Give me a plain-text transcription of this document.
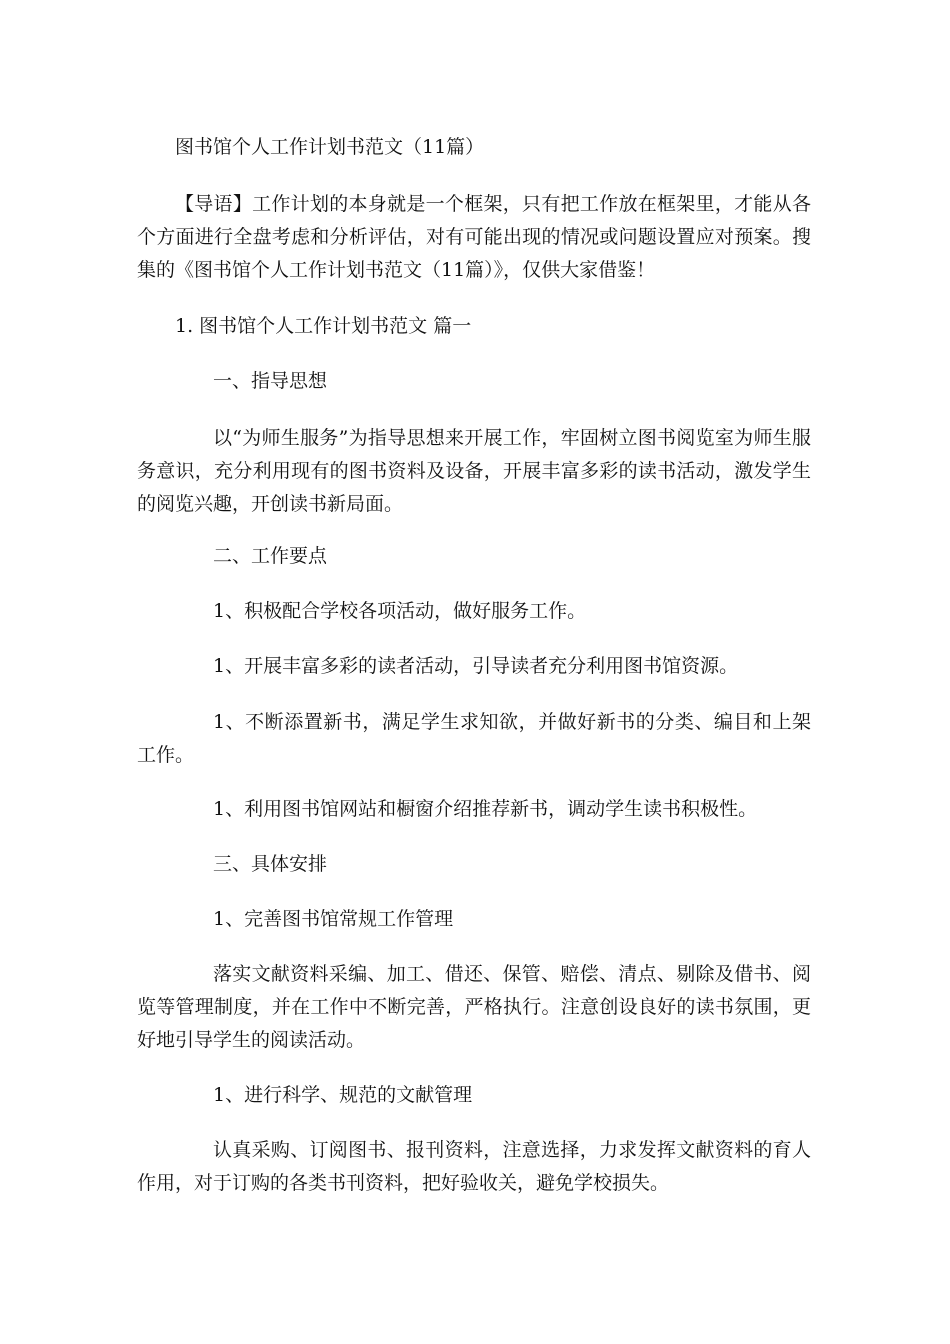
图书馆个人工作计划书范文（11篇）

【导语】工作计划的本身就是一个框架，只有把工作放在框架里，才能从各个方面进行全盘考虑和分析评估，对有可能出现的情况或问题设置应对预案。搜集的《图书馆个人工作计划书范文（11篇）》，仅供大家借鉴！

1. 图书馆个人工作计划书范文 篇一

一、指导思想

以“为师生服务”为指导思想来开展工作，牢固树立图书阅览室为师生服务意识，充分利用现有的图书资料及设备，开展丰富多彩的读书活动，激发学生的阅览兴趣，开创读书新局面。

二、工作要点

1、积极配合学校各项活动，做好服务工作。

1、开展丰富多彩的读者活动，引导读者充分利用图书馆资源。

1、不断添置新书，满足学生求知欲，并做好新书的分类、编目和上架工作。

1、利用图书馆网站和橱窗介绍推荐新书，调动学生读书积极性。

三、具体安排

1、完善图书馆常规工作管理

落实文献资料采编、加工、借还、保管、赔偿、清点、剔除及借书、阅览等管理制度，并在工作中不断完善，严格执行。注意创设良好的读书氛围，更好地引导学生的阅读活动。

1、进行科学、规范的文献管理

认真采购、订阅图书、报刊资料，注意选择，力求发挥文献资料的育人作用，对于订购的各类书刊资料，把好验收关，避免学校损失。
